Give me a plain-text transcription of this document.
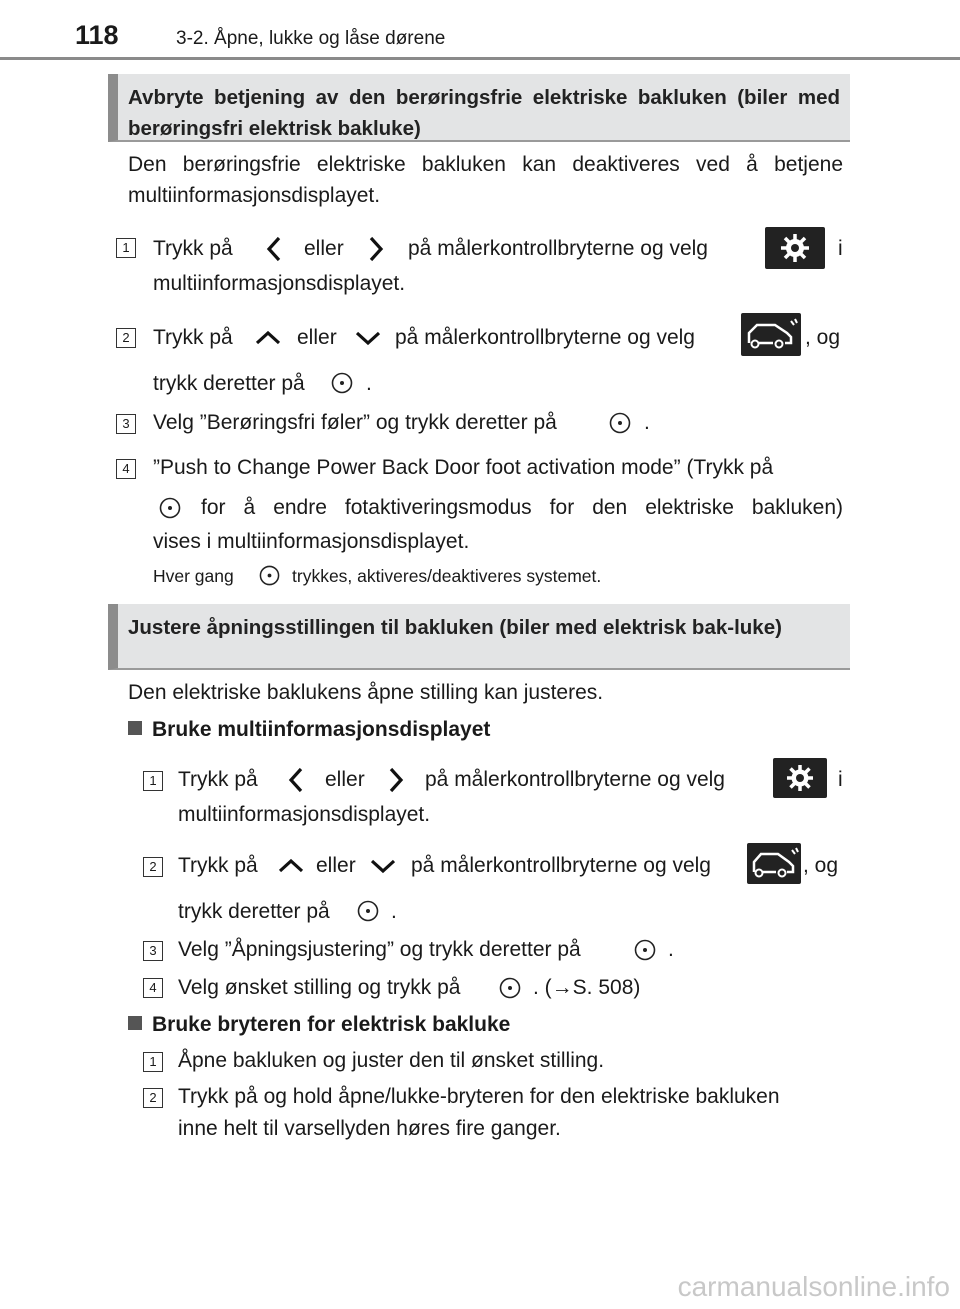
118	3-2. Åpne, lukke og låse dørene
Avbryte betjening av den berøringsfrie elektriske bakluken (biler med berøringsfri elektrisk bakluke)
Den berøringsfrie elektriske bakluken kan deaktiveres ved å betjene multiinformasjonsdisplayet.
1	Trykk på	eller	på målerkontrollbryterne og velg	i
multiinformasjonsdisplayet.
2	Trykk på	eller	på målerkontrollbryterne og velg	, og
trykk deretter på	.
3	Velg ”Berøringsfri føler” og trykk deretter på	.
4	”Push to Change Power Back Door foot activation mode” (Trykk på
for å endre fotaktiveringsmodus for den elektriske bakluken)
vises i multiinformasjonsdisplayet.
Hver gang	trykkes, aktiveres/deaktiveres systemet.
Justere åpningsstillingen til bakluken (biler med elektrisk bak-luke)
Den elektriske baklukens åpne stilling kan justeres.
Bruke multiinformasjonsdisplayet
1	Trykk på	eller	på målerkontrollbryterne og velg	i
multiinformasjonsdisplayet.
2	Trykk på	eller	på målerkontrollbryterne og velg	, og
trykk deretter på	.
3	Velg ”Åpningsjustering” og trykk deretter på	.
4	Velg ønsket stilling og trykk på	. (→S. 508)
Bruke bryteren for elektrisk bakluke
1	Åpne bakluken og juster den til ønsket stilling.
2	Trykk på og hold åpne/lukke-bryteren for den elektriske bakluken
inne helt til varsellyden høres fire ganger.
carmanualsonline.info
